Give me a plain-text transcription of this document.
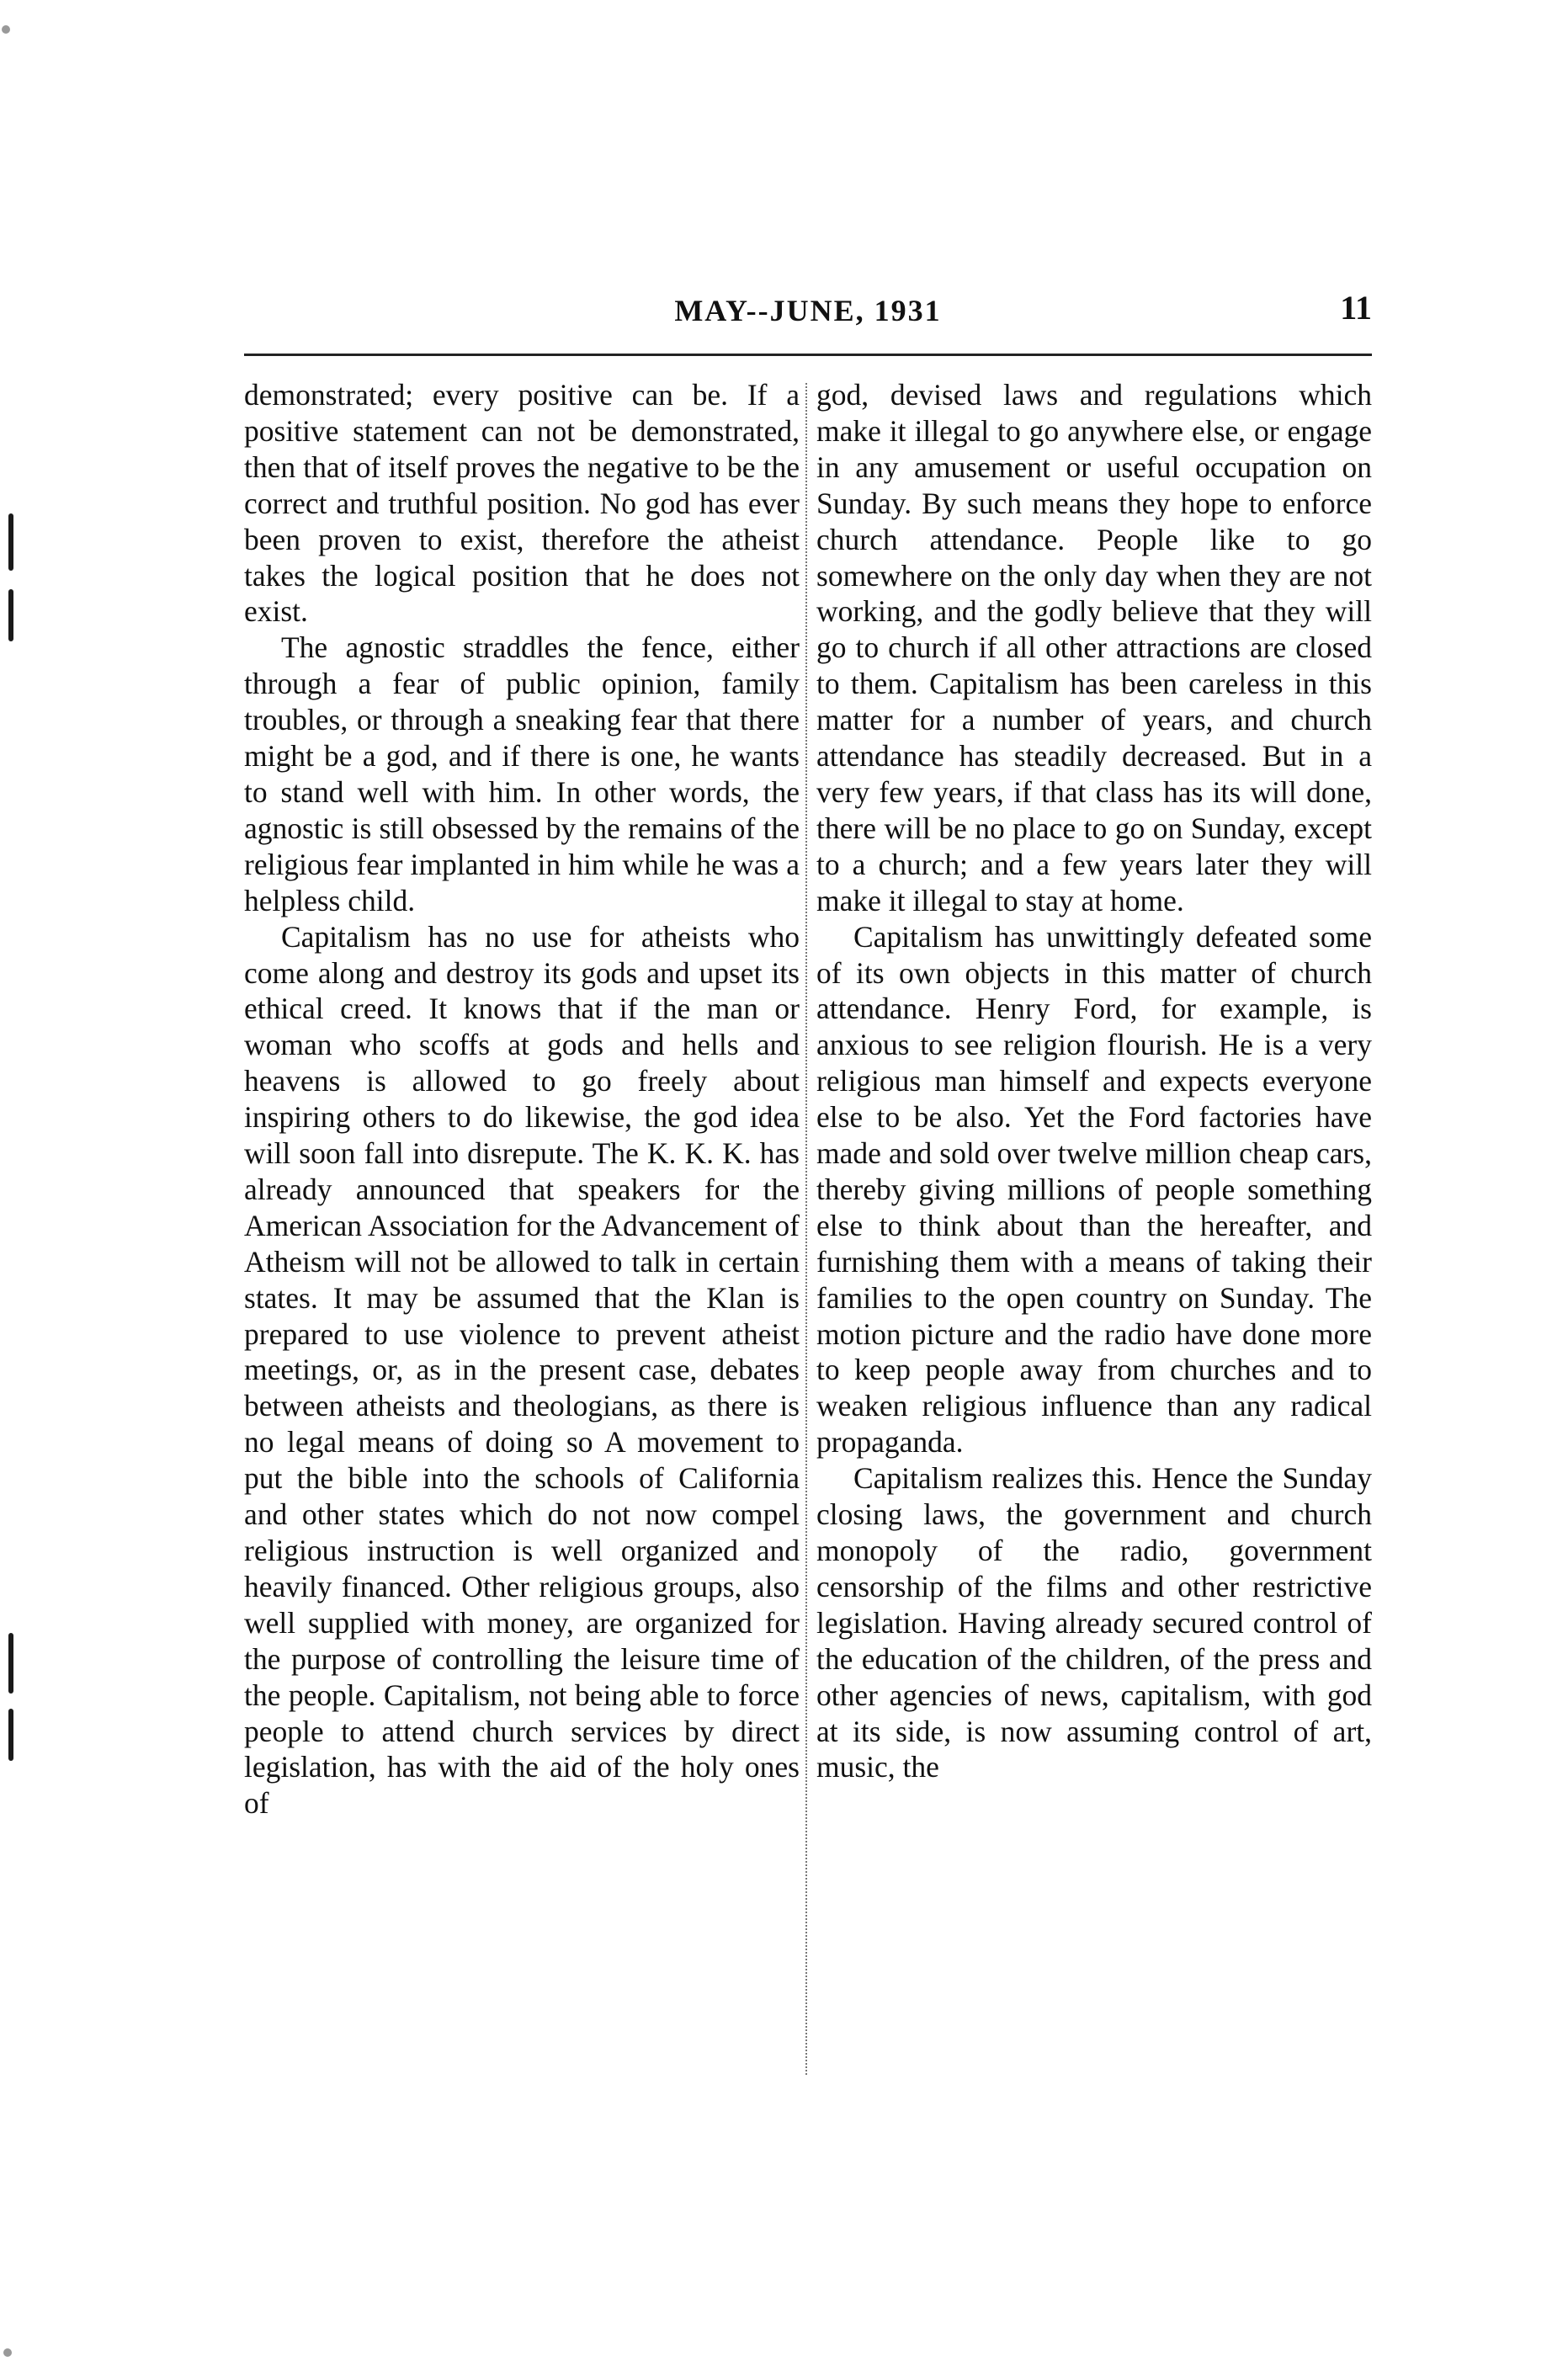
MAY--JUNE, 1931	11

demonstrated; every positive can be. If a positive statement can not be demonstrated, then that of itself proves the negative to be the correct and truthful position. No god has ever been proven to exist, therefore the atheist takes the logical position that he does not exist.

The agnostic straddles the fence, either through a fear of public opinion, family troubles, or through a sneaking fear that there might be a god, and if there is one, he wants to stand well with him. In other words, the agnostic is still obsessed by the remains of the religious fear implanted in him while he was a helpless child.

Capitalism has no use for atheists who come along and destroy its gods and upset its ethical creed. It knows that if the man or woman who scoffs at gods and hells and heavens is allowed to go freely about inspiring others to do likewise, the god idea will soon fall into disrepute. The K. K. K. has already announced that speakers for the American Association for the Advancement of Atheism will not be allowed to talk in certain states. It may be assumed that the Klan is prepared to use violence to prevent atheist meetings, or, as in the present case, debates between atheists and theologians, as there is no legal means of doing so A movement to put the bible into the schools of California and other states which do not now compel religious instruction is well organized and heavily financed. Other religious groups, also well supplied with money, are organized for the purpose of controlling the leisure time of the people. Capitalism, not being able to force people to attend church services by direct legislation, has with the aid of the holy ones of

god, devised laws and regulations which make it illegal to go anywhere else, or engage in any amusement or useful occupation on Sunday. By such means they hope to enforce church attendance. People like to go somewhere on the only day when they are not working, and the godly believe that they will go to church if all other attractions are closed to them. Capitalism has been careless in this matter for a number of years, and church attendance has steadily decreased. But in a very few years, if that class has its will done, there will be no place to go on Sunday, except to a church; and a few years later they will make it illegal to stay at home.

Capitalism has unwittingly defeated some of its own objects in this matter of church attendance. Henry Ford, for example, is anxious to see religion flourish. He is a very religious man himself and expects everyone else to be also. Yet the Ford factories have made and sold over twelve million cheap cars, thereby giving millions of people something else to think about than the hereafter, and furnishing them with a means of taking their families to the open country on Sunday. The motion picture and the radio have done more to keep people away from churches and to weaken religious influence than any radical propaganda.

Capitalism realizes this. Hence the Sunday closing laws, the government and church monopoly of the radio, government censorship of the films and other restrictive legislation. Having already secured control of the education of the children, of the press and other agencies of news, capitalism, with god at its side, is now assuming control of art, music, the
